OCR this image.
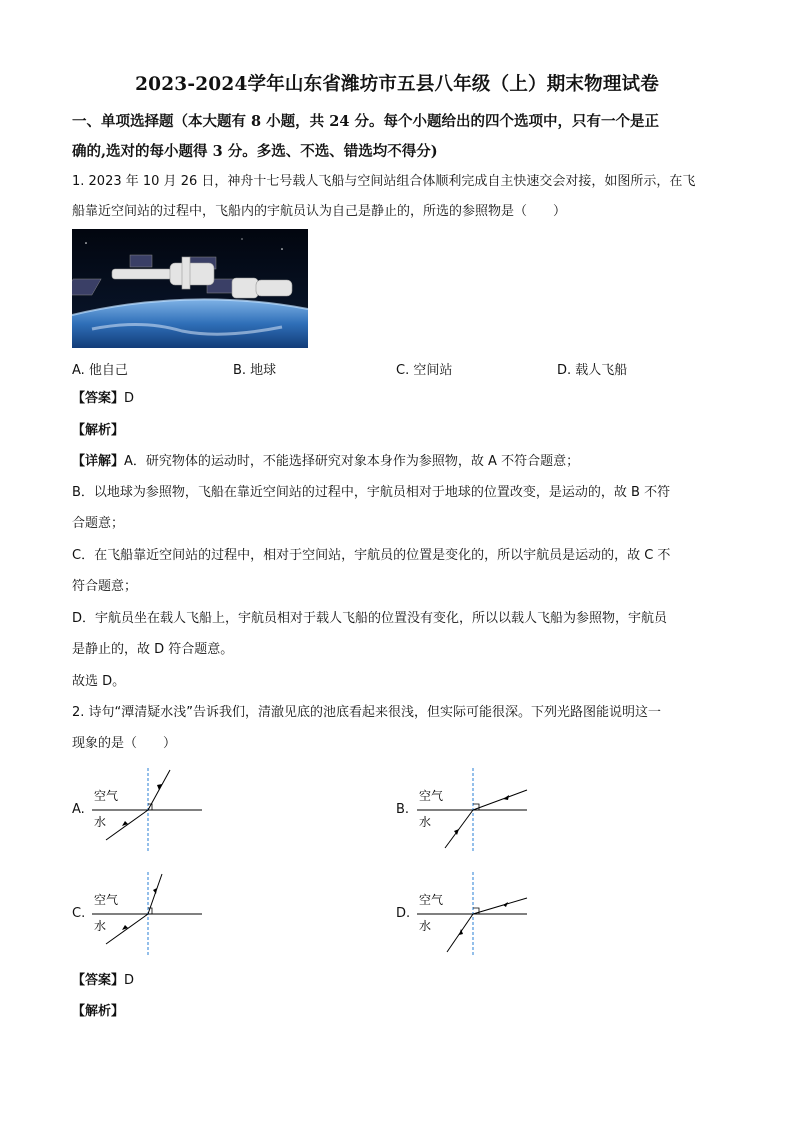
2023-2024学年山东省潍坊市五县八年级（上）期末物理试卷
一、单项选择题（本大题有 8 小题，共 24 分。每个小题给出的四个选项中，只有一个是正
确的,选对的每小题得 3 分。多选、不选、错选均不得分)
1. 2023 年 10 月 26 日，神舟十七号载人飞船与空间站组合体顺利完成自主快速交会对接，如图所示，在飞
船靠近空间站的过程中，飞船内的宇航员认为自己是静止的，所选的参照物是（　　）
A. 他自己	B. 地球	C. 空间站	D. 载人飞船
【答案】D
【解析】
【详解】A．研究物体的运动时，不能选择研究对象本身作为参照物，故 A 不符合题意；
B．以地球为参照物，飞船在靠近空间站的过程中，宇航员相对于地球的位置改变，是运动的，故 B 不符
合题意；
C．在飞船靠近空间站的过程中，相对于空间站，宇航员的位置是变化的，所以宇航员是运动的，故 C 不
符合题意；
D．宇航员坐在载人飞船上，宇航员相对于载人飞船的位置没有变化，所以以载人飞船为参照物，宇航员
是静止的，故 D 符合题意。
故选 D。
2. 诗句“潭清疑水浅”告诉我们，清澈见底的池底看起来很浅，但实际可能很深。下列光路图能说明这一
现象的是（　　）
A.
空气
水
B.
空气
水
C.
空气
水
D.
空气
水
【答案】D
【解析】
